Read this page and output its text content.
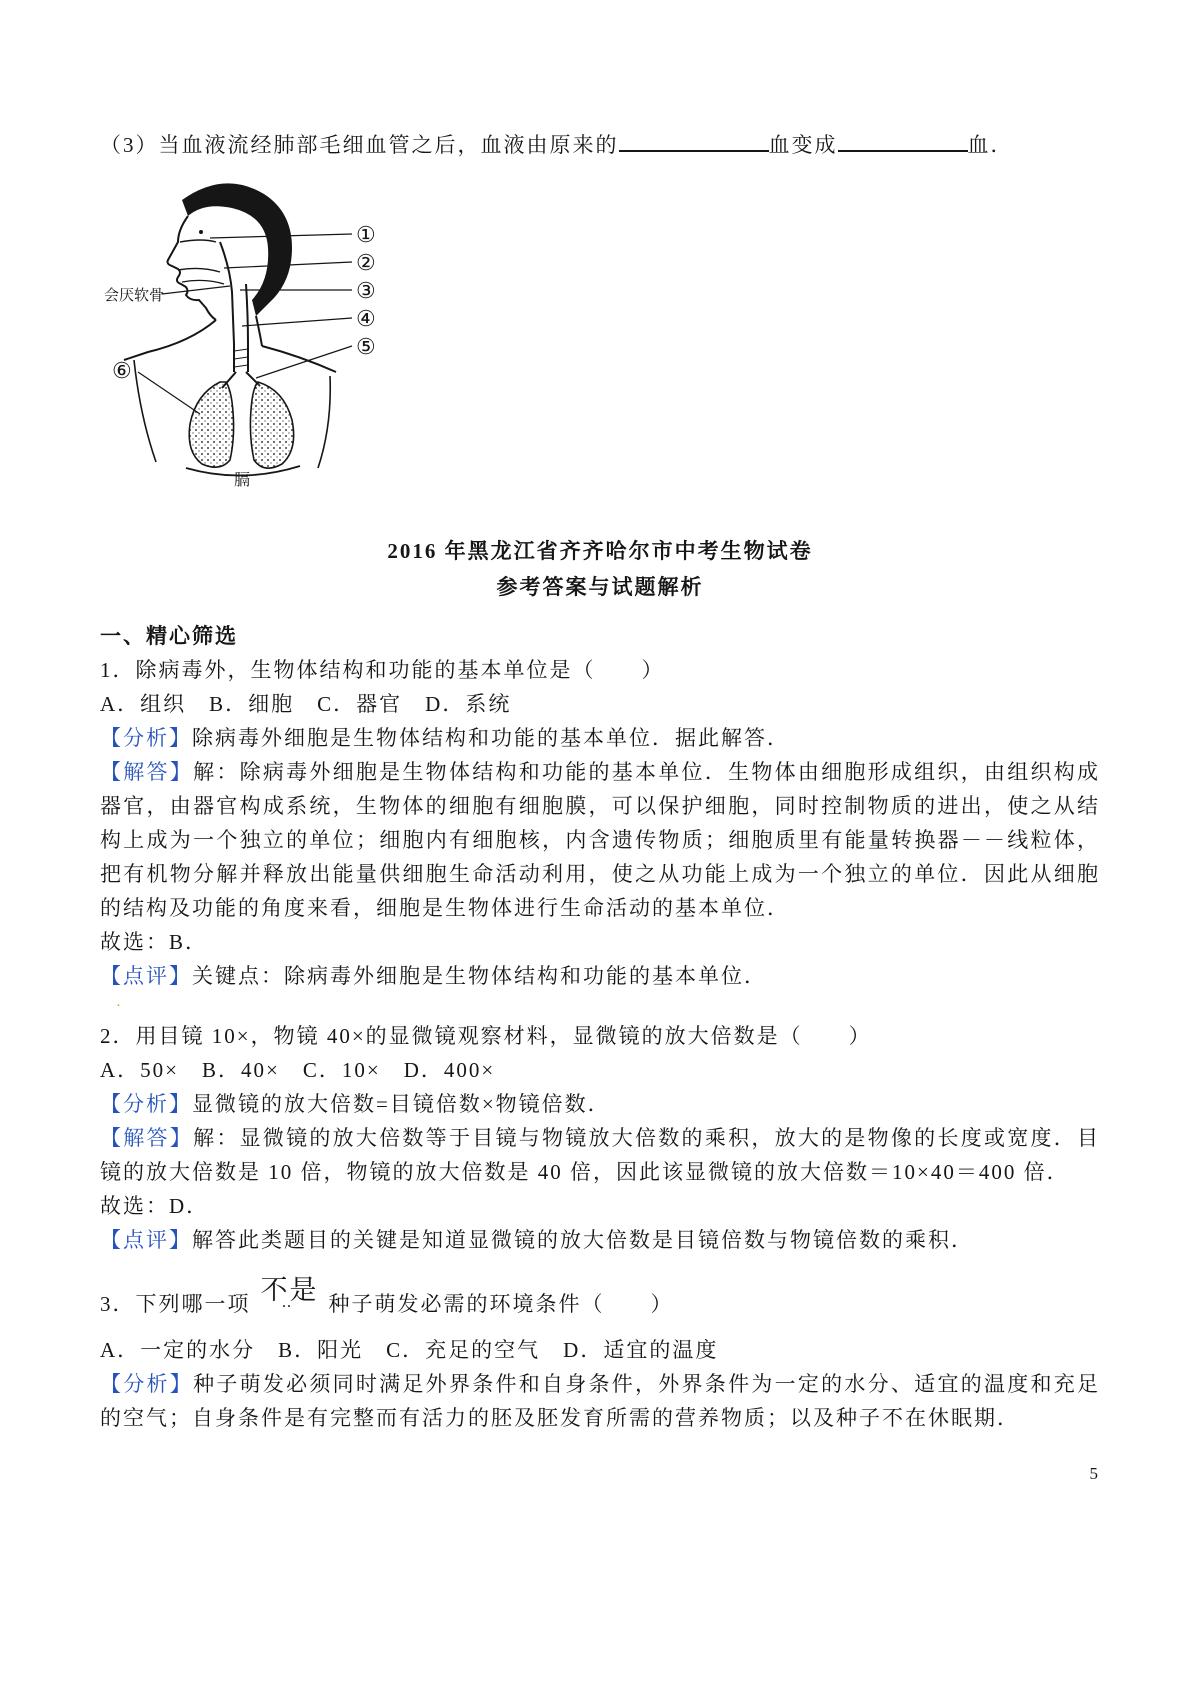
（3）当血液流经肺部毛细血管之后，血液由原来的	血变成	血．

①
②
③
④
⑤
⑥
会厌软骨
膈
2016 年黑龙江省齐齐哈尔市中考生物试卷
参考答案与试题解析

一、精心筛选

1．除病毒外，生物体结构和功能的基本单位是（　　）

A．组织　B．细胞　C．器官　D．系统

【分析】除病毒外细胞是生物体结构和功能的基本单位．据此解答．

【解答】解：除病毒外细胞是生物体结构和功能的基本单位．生物体由细胞形成组织，由组织构成器官，由器官构成系统，生物体的细胞有细胞膜，可以保护细胞，同时控制物质的进出，使之从结构上成为一个独立的单位；细胞内有细胞核，内含遗传物质；细胞质里有能量转换器－－线粒体，把有机物分解并释放出能量供细胞生命活动利用，使之从功能上成为一个独立的单位．因此从细胞的结构及功能的角度来看，细胞是生物体进行生命活动的基本单位．

故选：B．

【点评】关键点：除病毒外细胞是生物体结构和功能的基本单位．

·

2．用目镜 10×，物镜 40×的显微镜观察材料，显微镜的放大倍数是（　　）

A．50×　B．40×　C．10×　D．400×

【分析】显微镜的放大倍数=目镜倍数×物镜倍数．

【解答】解：显微镜的放大倍数等于目镜与物镜放大倍数的乘积，放大的是物像的长度或宽度．目镜的放大倍数是 10 倍，物镜的放大倍数是 40 倍，因此该显微镜的放大倍数＝10×40＝400 倍．

故选：D．

【点评】解答此类题目的关键是知道显微镜的放大倍数是目镜倍数与物镜倍数的乘积．

3．下列哪一项 不是 ‥ 种子萌发必需的环境条件（　　）

A．一定的水分　B．阳光　C．充足的空气　D．适宜的温度

【分析】种子萌发必须同时满足外界条件和自身条件，外界条件为一定的水分、适宜的温度和充足的空气；自身条件是有完整而有活力的胚及胚发育所需的营养物质；以及种子不在休眠期．

5
